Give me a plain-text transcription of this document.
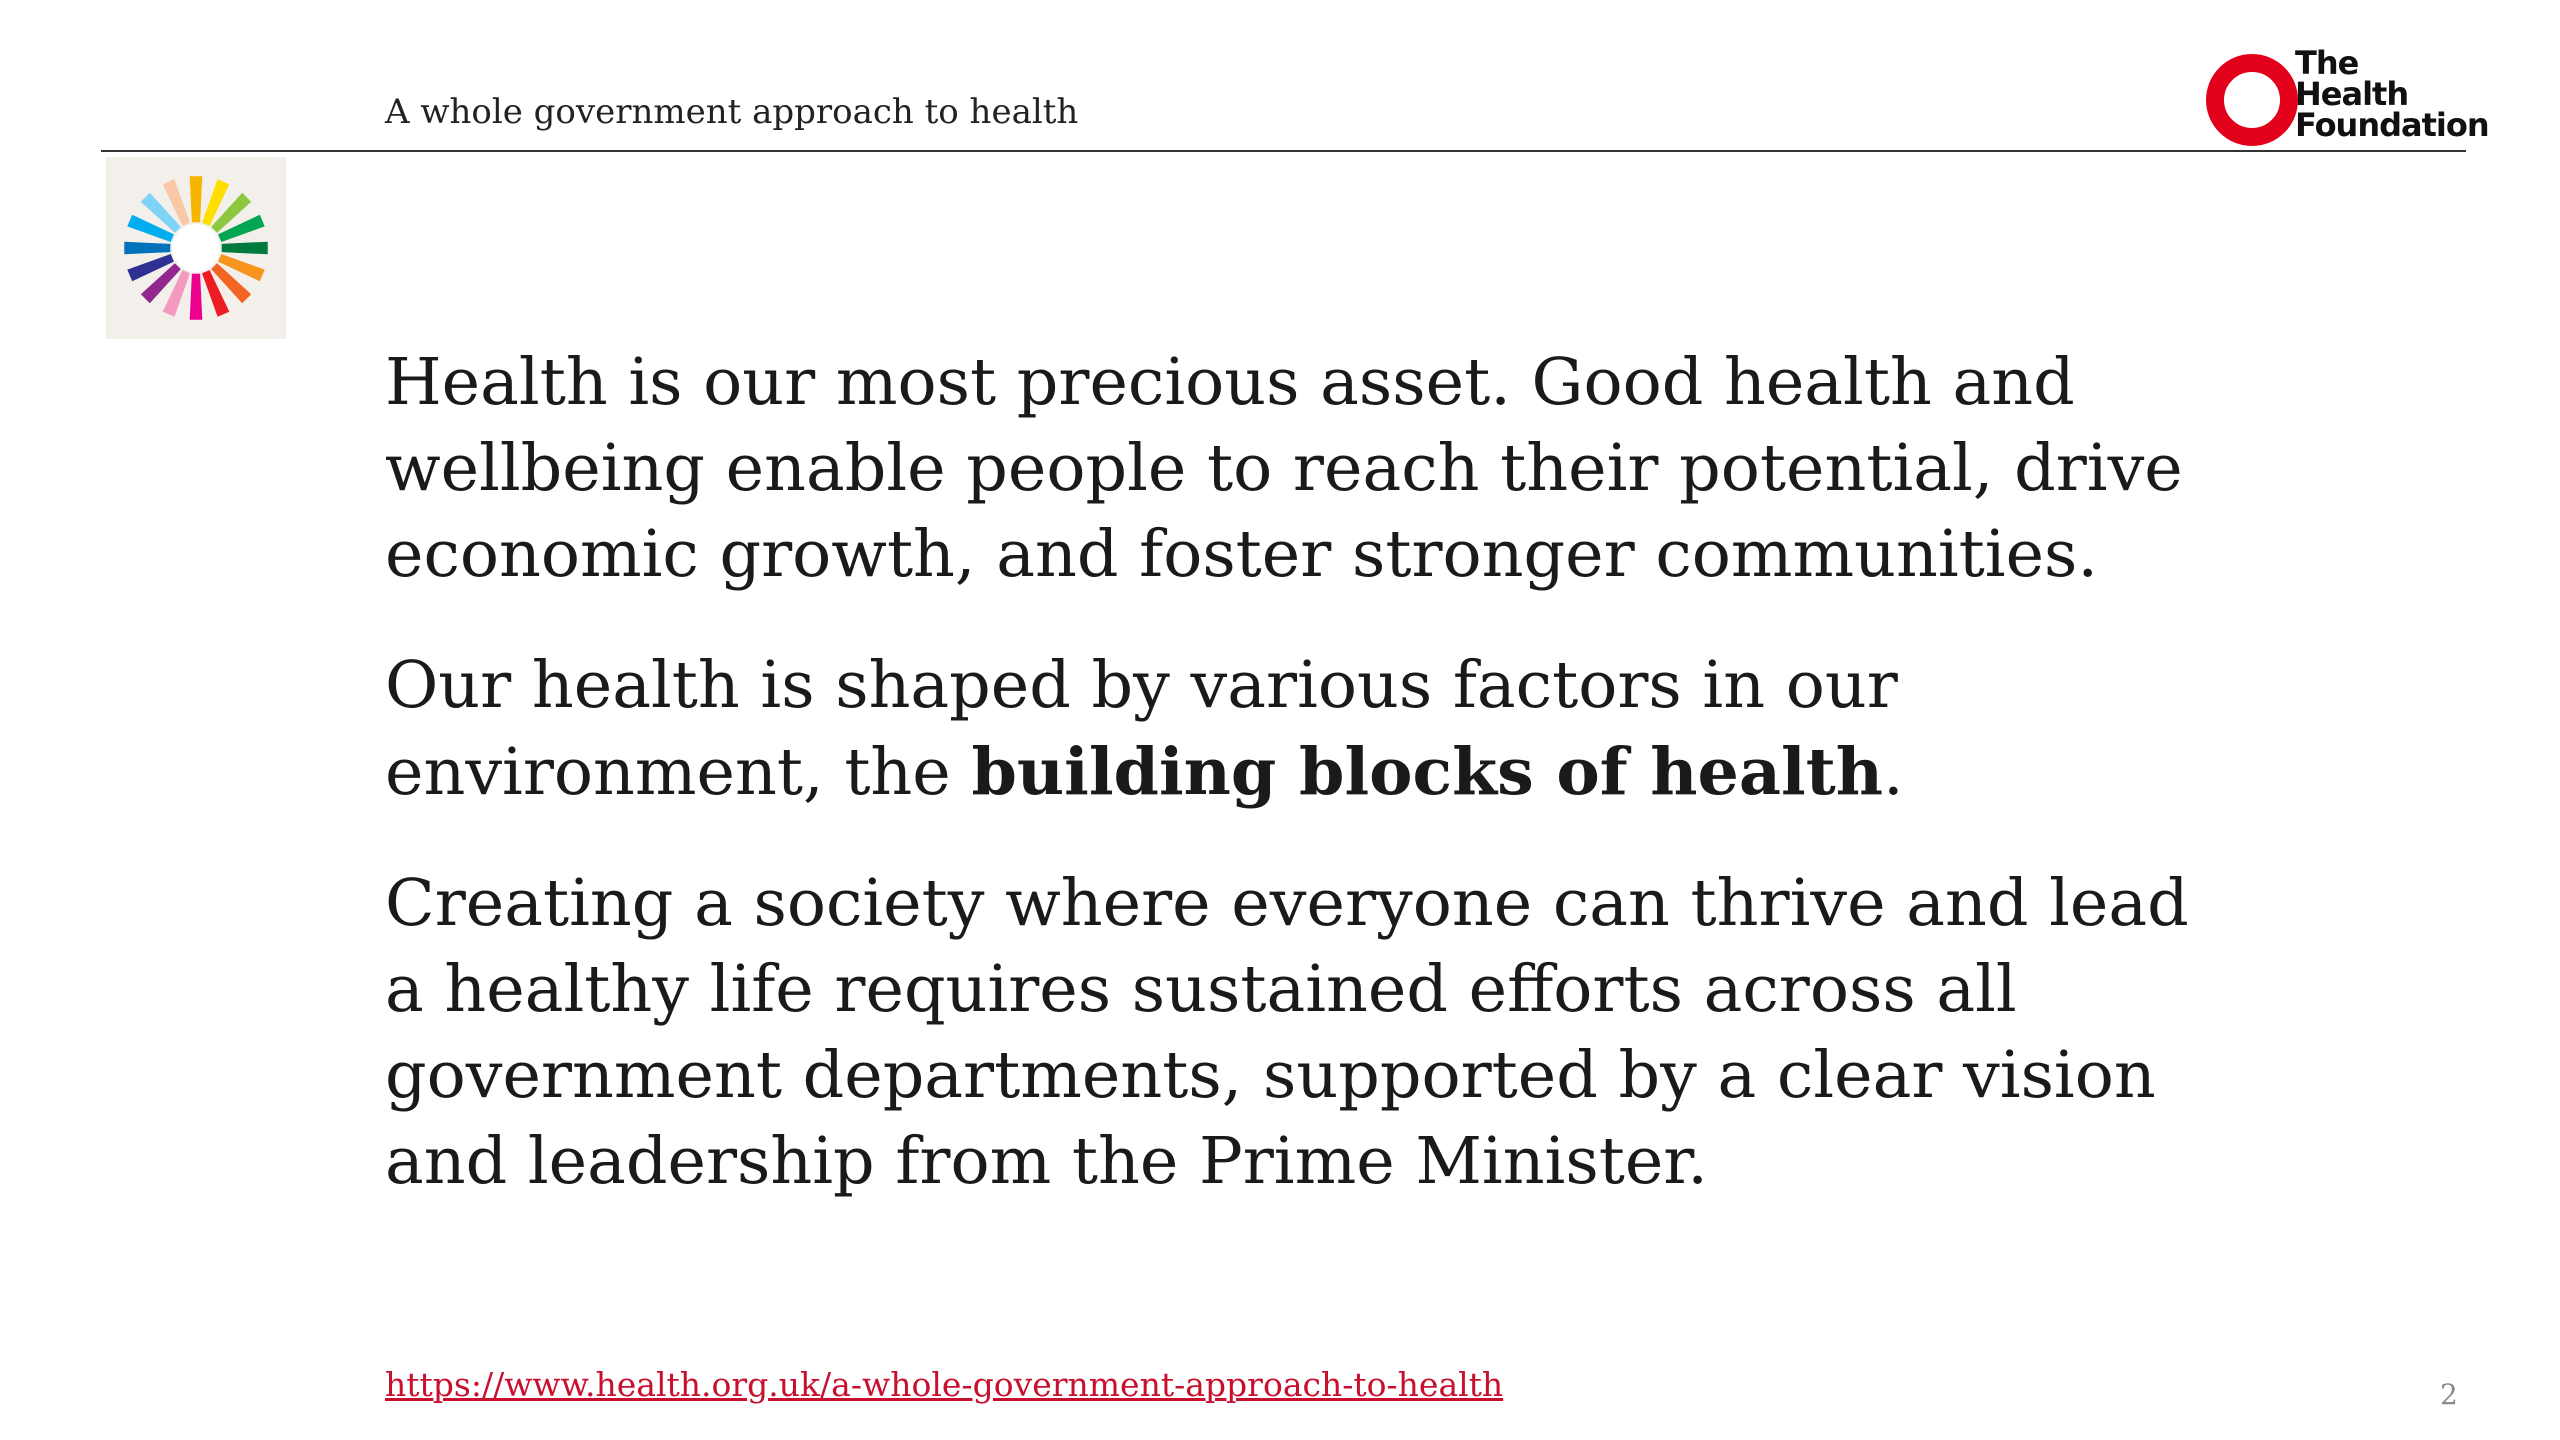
A whole government approach to health
The
Health
Foundation

Health is our most precious asset. Good health and wellbeing enable people to reach their potential, drive economic growth, and foster stronger communities.

Our health is shaped by various factors in our environment, the building blocks of health.

Creating a society where everyone can thrive and lead a healthy life requires sustained efforts across all government departments, supported by a clear vision and leadership from the Prime Minister.

https://www.health.org.uk/a-whole-government-approach-to-health	2
